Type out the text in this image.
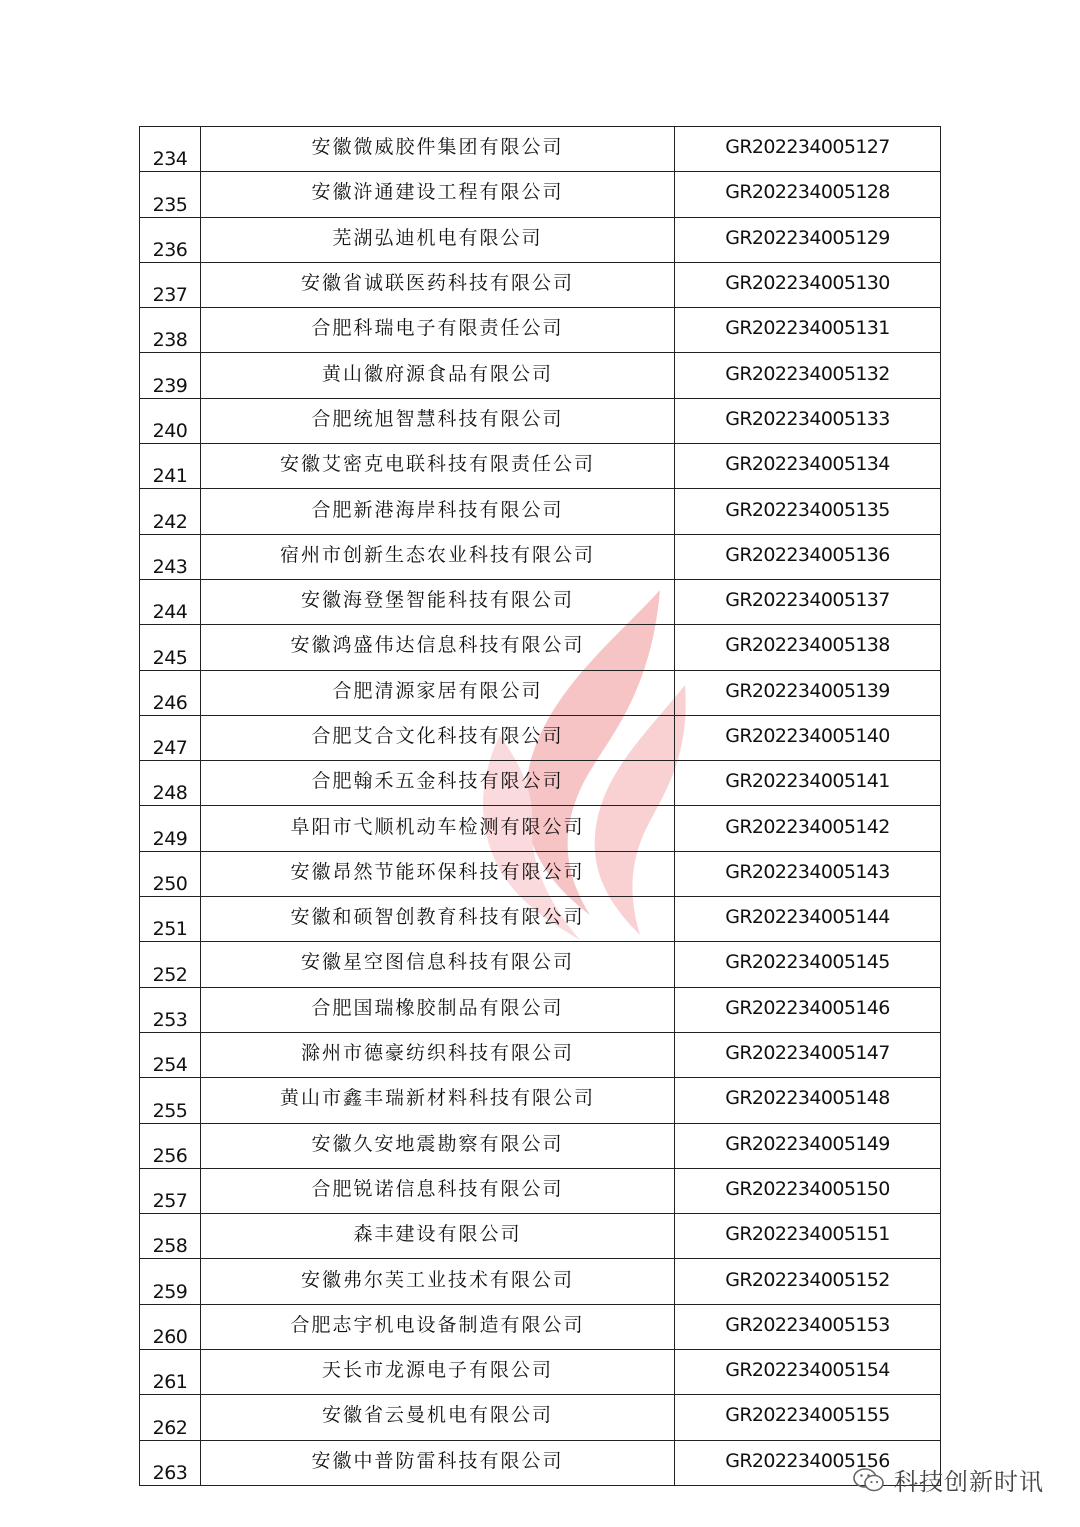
234	安徽微威胶件集团有限公司	GR202234005127
235	安徽浒通建设工程有限公司	GR202234005128
236	芜湖弘迪机电有限公司	GR202234005129
237	安徽省诚联医药科技有限公司	GR202234005130
238	合肥科瑞电子有限责任公司	GR202234005131
239	黄山徽府源食品有限公司	GR202234005132
240	合肥统旭智慧科技有限公司	GR202234005133
241	安徽艾密克电联科技有限责任公司	GR202234005134
242	合肥新港海岸科技有限公司	GR202234005135
243	宿州市创新生态农业科技有限公司	GR202234005136
244	安徽海登堡智能科技有限公司	GR202234005137
245	安徽鸿盛伟达信息科技有限公司	GR202234005138
246	合肥清源家居有限公司	GR202234005139
247	合肥艾合文化科技有限公司	GR202234005140
248	合肥翰禾五金科技有限公司	GR202234005141
249	阜阳市弋顺机动车检测有限公司	GR202234005142
250	安徽昂然节能环保科技有限公司	GR202234005143
251	安徽和硕智创教育科技有限公司	GR202234005144
252	安徽星空图信息科技有限公司	GR202234005145
253	合肥国瑞橡胶制品有限公司	GR202234005146
254	滁州市德豪纺织科技有限公司	GR202234005147
255	黄山市鑫丰瑞新材料科技有限公司	GR202234005148
256	安徽久安地震勘察有限公司	GR202234005149
257	合肥锐诺信息科技有限公司	GR202234005150
258	森丰建设有限公司	GR202234005151
259	安徽弗尔芙工业技术有限公司	GR202234005152
260	合肥志宇机电设备制造有限公司	GR202234005153
261	天长市龙源电子有限公司	GR202234005154
262	安徽省云曼机电有限公司	GR202234005155
263	安徽中普防雷科技有限公司	GR202234005156
科技创新时讯
